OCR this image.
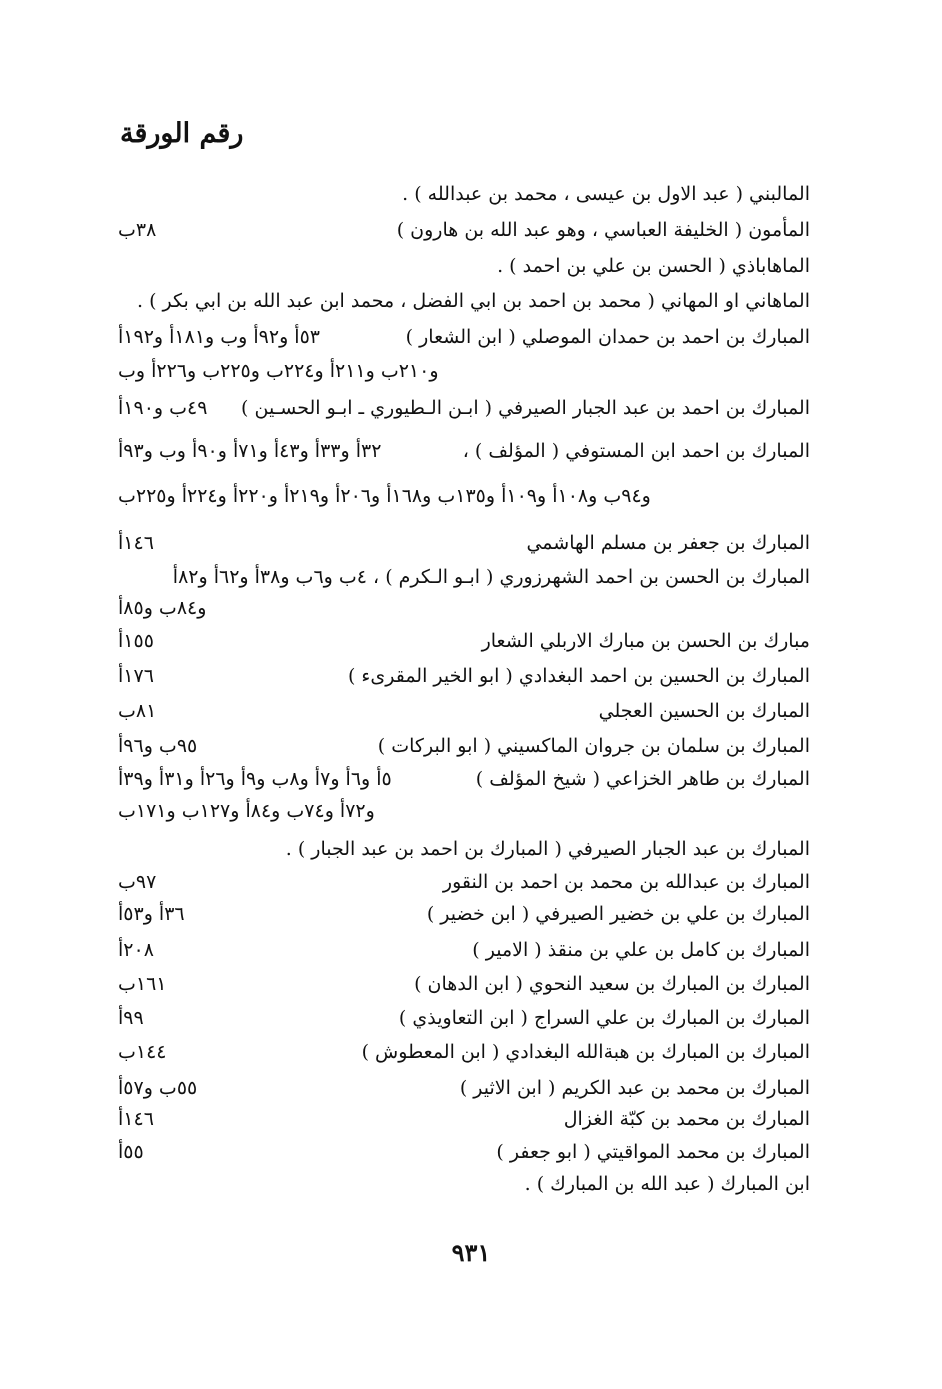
رقم الورقة
المالبني ( عبد الاول بن عيسى ، محمد بن عبدالله ) .
المأمون ( الخليفة العباسي ، وهو عبد الله بن هارون )
٣٨ب
الماهاباذي ( الحسن بن علي بن احمد ) .
الماهاني او المهاني ( محمد بن احمد بن ابي الفضل ، محمد ابن عبد الله بن ابي بكر ) .
المبارك بن احمد بن حمدان الموصلي ( ابن الشعار )
٥٣أ و٩٢أ وب و١٨١أ و١٩٢أ
و٢١٠ب و٢١١أ و٢٢٤ب و٢٢٥ب و٢٢٦أ وب
المبارك بن احمد بن عبد الجبار الصيرفي ( ابـن الـطيوري ـ ابـو الحسـين )
٤٩ب و١٩٠أ
المبارك بن احمد ابن المستوفي ( المؤلف ) ،
٣٢أ و٣٣أ و٤٣أ و٧١أ و٩٠أ وب و٩٣أ
و٩٤ب و١٠٨أ و١٠٩أ و١٣٥ب و١٦٨أ و٢٠٦أ و٢١٩أ و٢٢٠أ و٢٢٤أ و٢٢٥ب
المبارك بن جعفر بن مسلم الهاشمي
١٤٦أ
المبارك بن الحسن بن احمد الشهرزوري ( ابـو الـكرم ) ، ٤ب و٦ب و٣٨أ و٦٢أ و٨٢أ
و٨٤ب و٨٥أ
مبارك بن الحسن بن مبارك الاربلي الشعار
١٥٥أ
المبارك بن الحسين بن احمد البغدادي ( ابو الخير المقرىء )
١٧٦أ
المبارك بن الحسين العجلي
٨١ب
المبارك بن سلمان بن جروان الماكسيني ( ابو البركات )
٩٥ب و٩٦أ
المبارك بن طاهر الخزاعي ( شيخ المؤلف )
٥أ و٦أ و٧أ و٨ب و٩أ و٢٦أ و٣١أ و٣٩أ
و٧٢أ و٧٤ب و٨٤أ و١٢٧ب و١٧١ب
المبارك بن عبد الجبار الصيرفي ( المبارك بن احمد بن عبد الجبار ) .
المبارك بن عبدالله بن محمد بن احمد بن النقور
٩٧ب
المبارك بن علي بن خضير الصيرفي ( ابن خضير )
٣٦أ و٥٣أ
المبارك بن كامل بن علي بن منقذ ( الامير )
٢٠٨أ
المبارك بن المبارك بن سعيد النحوي ( ابن الدهان )
١٦١ب
المبارك بن المبارك بن علي السراج ( ابن التعاويذي )
٩٩أ
المبارك بن المبارك بن هبةالله البغدادي ( ابن المعطوش )
١٤٤ب
المبارك بن محمد بن عبد الكريم ( ابن الاثير )
٥٥ب و٥٧أ
المبارك بن محمد بن كبّة الغزال
١٤٦أ
المبارك بن محمد المواقيتي ( ابو جعفر )
٥٥أ
ابن المبارك ( عبد الله بن المبارك ) .
٩٣١
